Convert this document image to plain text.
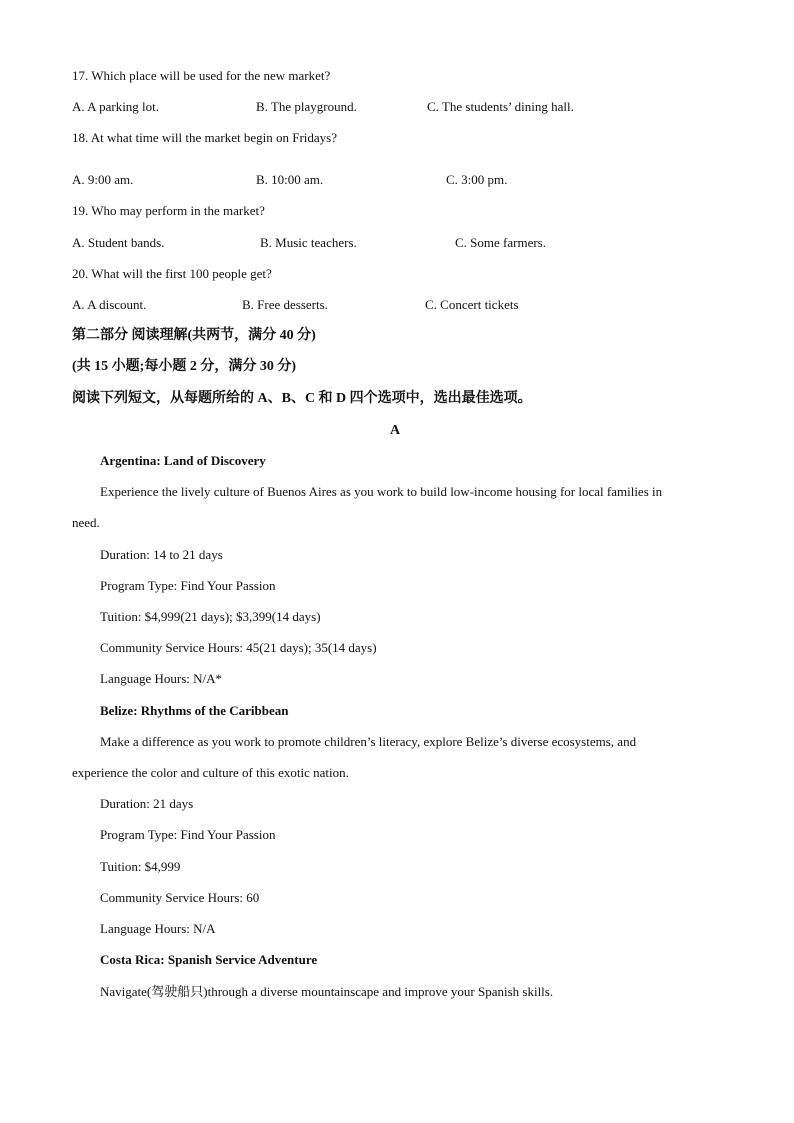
17. Which place will be used for the new market?
A. A parking lot.	B. The playground.	C. The students’ dining hall.
18. At what time will the market begin on Fridays?
A. 9:00 am.	B. 10:00 am.	C. 3:00 pm.
19. Who may perform in the market?
A. Student bands.	B. Music teachers.	C. Some farmers.
20. What will the first 100 people get?
A. A discount.	B. Free desserts.	C. Concert tickets
第二部分 阅读理解(共两节，满分 40 分)
(共 15 小题;每小题 2 分，满分 30 分)
阅读下列短文，从每题所给的 A、B、C 和 D 四个选项中，选出最佳选项。
A
Argentina: Land of Discovery
Experience the lively culture of Buenos Aires as you work to build low-income housing for local families in
need.
Duration: 14 to 21 days
Program Type: Find Your Passion
Tuition: $4,999(21 days); $3,399(14 days)
Community Service Hours: 45(21 days); 35(14 days)
Language Hours: N/A*
Belize: Rhythms of the Caribbean
Make a difference as you work to promote children’s literacy, explore Belize’s diverse ecosystems, and
experience the color and culture of this exotic nation.
Duration: 21 days
Program Type: Find Your Passion
Tuition: $4,999
Community Service Hours: 60
Language Hours: N/A
Costa Rica: Spanish Service Adventure
Navigate(驾驶船只)through a diverse mountainscape and improve your Spanish skills.
